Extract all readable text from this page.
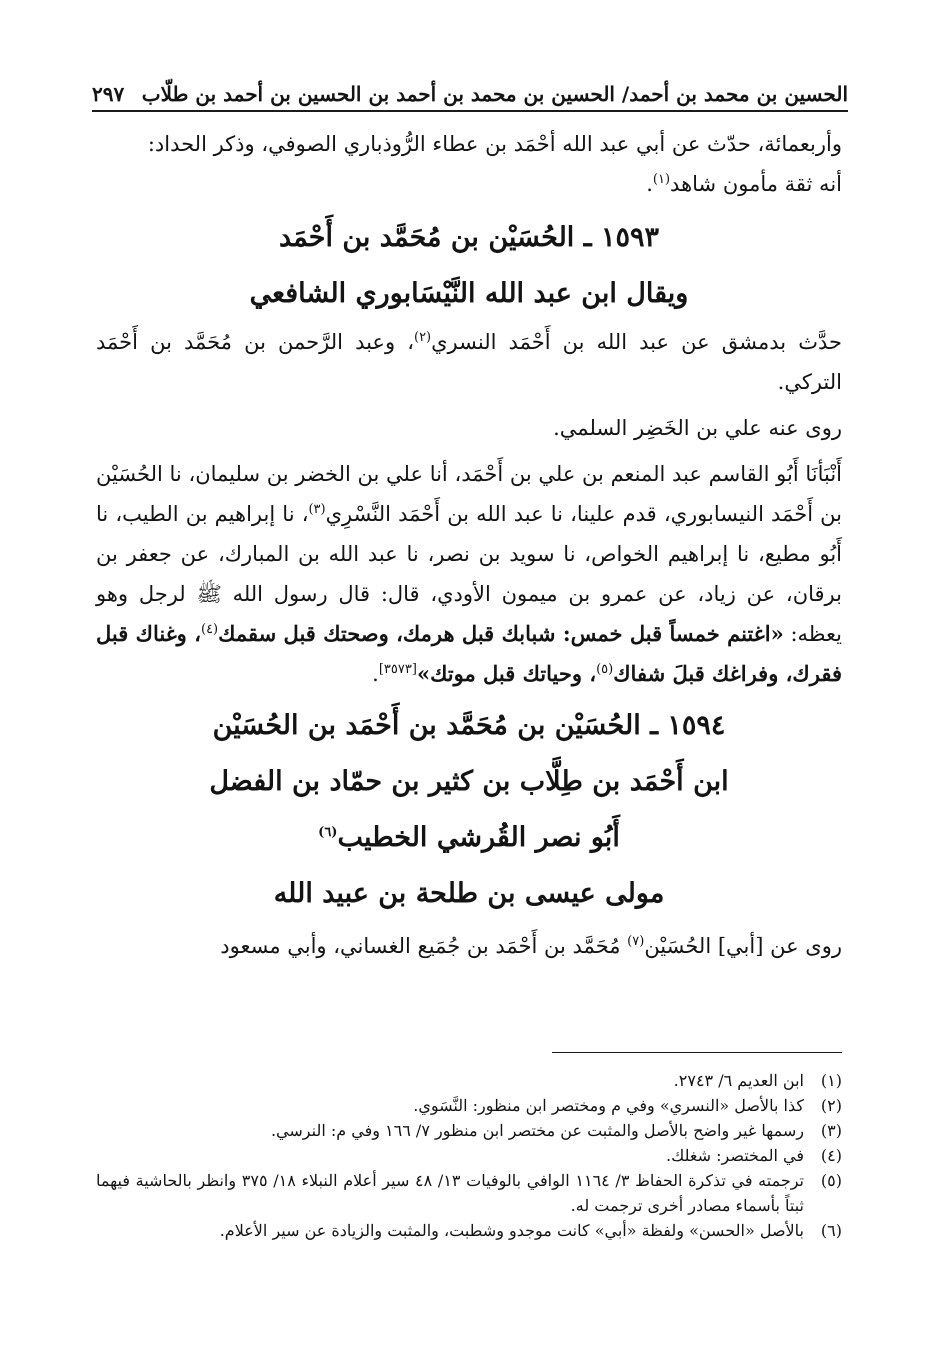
الحسين بن محمد بن أحمد/ الحسين بن محمد بن أحمد بن الحسين بن أحمد بن طلّاب
٢٩٧

وأربعمائة، حدّث عن أبي عبد الله أحْمَد بن عطاء الرُّوذباري الصوفي، وذكر الحداد:
أنه ثقة مأمون شاهد$^{(١)}$.

١٥٩٣ ـ الحُسَيْن بن مُحَمَّد بن أَحْمَد
ويقال ابن عبد الله النَّيْسَابوري الشافعي

حدَّث بدمشق عن عبد الله بن أَحْمَد النسري$^{(٢)}$، وعبد الرَّحمن بن مُحَمَّد بن أَحْمَد التركي.

روى عنه علي بن الخَضِر السلمي.

أَنْبَأنَا أَبُو القاسم عبد المنعم بن علي بن أَحْمَد، أنا علي بن الخضر بن سليمان، نا الحُسَيْن بن أَحْمَد النيسابوري، قدم علينا، نا عبد الله بن أَحْمَد النَّسْرِي$^{(٣)}$، نا إبراهيم بن الطيب، نا أَبُو مطيع، نا إبراهيم الخواص، نا سويد بن نصر، نا عبد الله بن المبارك، عن جعفر بن برقان، عن زياد، عن عمرو بن ميمون الأودي، قال: قال رسول الله ﷺ لرجل وهو يعظه: «اغتنم خمساً قبل خمس: شبابك قبل هرمك، وصحتك قبل سقمك$^{(٤)}$، وغناك قبل فقرك، وفراغك قبلَ شفاك$^{(٥)}$، وحياتك قبل موتك»[٣٥٧٣].

١٥٩٤ ـ الحُسَيْن بن مُحَمَّد بن أَحْمَد بن الحُسَيْن
ابن أَحْمَد بن طِلَّاب بن كثير بن حمّاد بن الفضل
أَبُو نصر القُرشي الخطيب$^{(٦)}$
مولى عيسى بن طلحة بن عبيد الله

روى عن [أبي] الحُسَيْن$^{(٧)}$ مُحَمَّد بن أَحْمَد بن جُمَيع الغساني، وأبي مسعود

(١)
ابن العديم ٦/ ٢٧٤٣.
(٢)
كذا بالأصل «النسري» وفي م ومختصر ابن منظور: النَّسَوي.
(٣)
رسمها غير واضح بالأصل والمثبت عن مختصر ابن منظور ٧/ ١٦٦ وفي م: النرسي.
(٤)
في المختصر: شغلك.
(٥)
ترجمته في تذكرة الحفاظ ٣/ ١١٦٤ الوافي بالوفيات ١٣/ ٤٨ سير أعلام النبلاء ١٨/ ٣٧٥ وانظر بالحاشية فيهما ثبتاً بأسماء مصادر أخرى ترجمت له.
(٦)
بالأصل «الحسن» ولفظة «أبي» كانت موجدو وشطبت، والمثبت والزيادة عن سير الأعلام.
